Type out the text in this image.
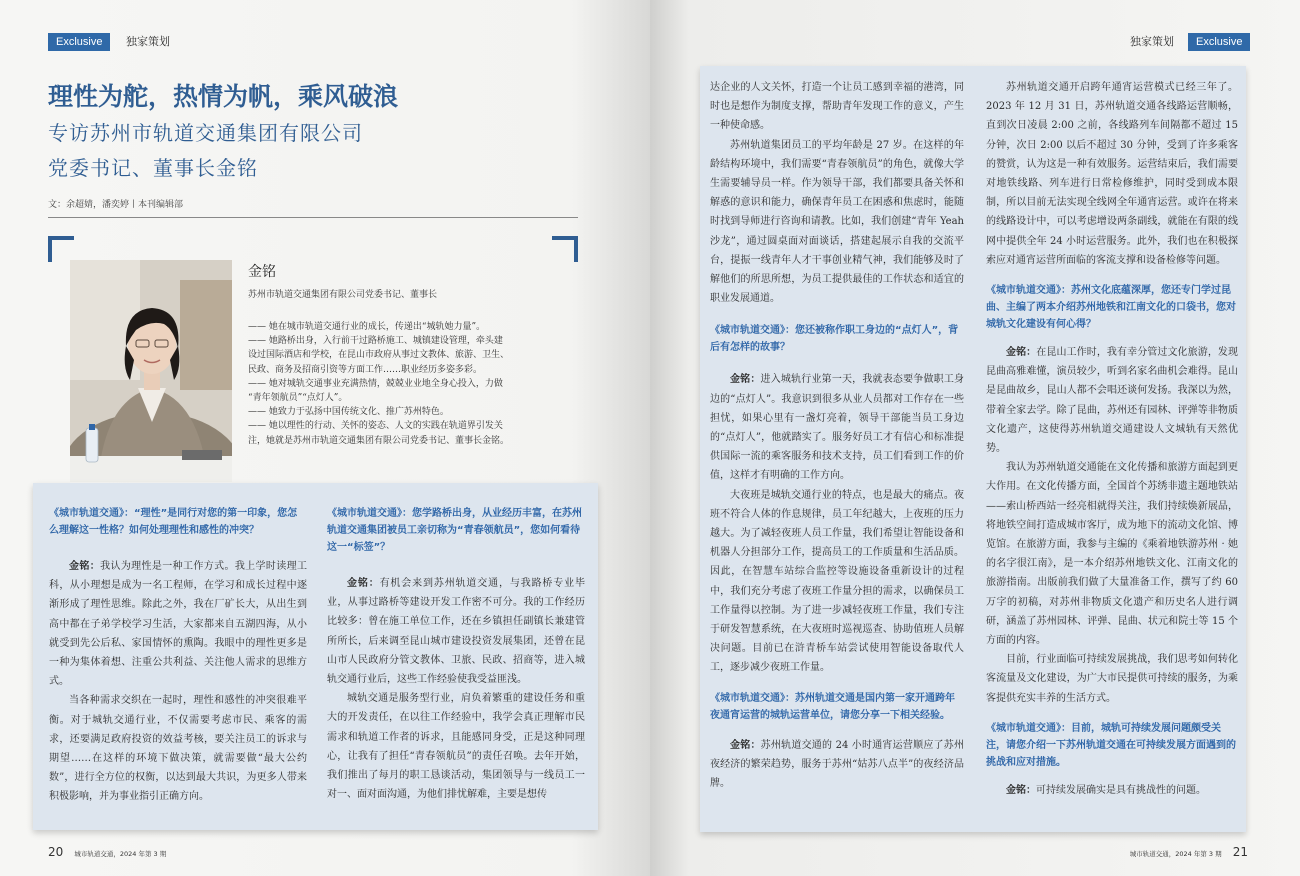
Exclusive	独家策划
理性为舵，热情为帆，乘风破浪
专访苏州市轨道交通集团有限公司
党委书记、董事长金铭
文：余超婧，潘奕婷丨本刊编辑部
金铭
苏州市轨道交通集团有限公司党委书记、董事长
—— 她在城市轨道交通行业的成长，传递出“城轨她力量”。
—— 她路桥出身，入行前干过路桥施工、城镇建设管理，牵头建
设过国际酒店和学校，在昆山市政府从事过文教体、旅游、卫生、
民政、商务及招商引资等方面工作……职业经历多姿多彩。
—— 她对城轨交通事业充满热情，兢兢业业地全身心投入，力做
“青年领航员”“点灯人”。
—— 她致力于弘扬中国传统文化、推广苏州特色。
—— 她以理性的行动、关怀的姿态、人文的实践在轨道界引发关
注，她就是苏州市轨道交通集团有限公司党委书记、董事长金铭。
《城市轨道交通》：“理性”是同行对您的第一印象，您怎么理解这一性格？如何处理理性和感性的冲突？
金铭：我认为理性是一种工作方式。我上学时读理工科，从小理想是成为一名工程师，在学习和成长过程中逐渐形成了理性思维。除此之外，我在厂矿长大，从出生到高中都在子弟学校学习生活，大家都来自五湖四海，从小就受到先公后私、家国情怀的熏陶。我眼中的理性更多是一种为集体着想、注重公共利益、关注他人需求的思维方式。
当各种需求交织在一起时，理性和感性的冲突很难平衡。对于城轨交通行业，不仅需要考虑市民、乘客的需求，还要满足政府投资的效益考核，要关注员工的诉求与期望……在这样的环境下做决策，就需要做“最大公约数”，进行全方位的权衡，以达到最大共识，为更多人带来积极影响，并为事业指引正确方向。
《城市轨道交通》：您学路桥出身，从业经历丰富，在苏州轨道交通集团被员工亲切称为“青春领航员”，您如何看待这一“标签”？
金铭：有机会来到苏州轨道交通，与我路桥专业毕业，从事过路桥等建设开发工作密不可分。我的工作经历比较多：曾在施工单位工作，还在乡镇担任副镇长兼建管所所长，后来调至昆山城市建设投资发展集团，还曾在昆山市人民政府分管文教体、卫旅、民政、招商等，进入城轨交通行业后，这些工作经验使我受益匪浅。
城轨交通是服务型行业，肩负着繁重的建设任务和重大的开发责任，在以往工作经验中，我学会真正理解市民需求和轨道工作者的诉求，且能感同身受，正是这种同理心，让我有了担任“青春领航员”的责任召唤。去年开始，我们推出了每月的职工恳谈活动，集团领导与一线员工一对一、面对面沟通，为他们排忧解难，主要是想传
20 城市轨道交通，2024 年第 3 期
独家策划	Exclusive
达企业的人文关怀，打造一个让员工感到幸福的港湾，同时也是想作为制度支撑，帮助青年发现工作的意义，产生一种使命感。
苏州轨道集团员工的平均年龄是 27 岁。在这样的年龄结构环境中，我们需要“青春领航员”的角色，就像大学生需要辅导员一样。作为领导干部，我们都要具备关怀和解惑的意识和能力，确保青年员工在困惑和焦虑时，能随时找到导师进行咨询和请教。比如，我们创建“青年 Yeah 沙龙”，通过圆桌面对面谈话，搭建起展示自我的交流平台，提振一线青年人才干事创业精气神，我们能够及时了解他们的所思所想，为员工提供最佳的工作状态和适宜的职业发展通道。
《城市轨道交通》：您还被称作职工身边的“点灯人”，背后有怎样的故事？
金铭：进入城轨行业第一天，我就表态要争做职工身边的“点灯人”。我意识到很多从业人员都对工作存在一些担忧，如果心里有一盏灯亮着，领导干部能当员工身边的“点灯人”，他就踏实了。服务好员工才有信心和标准提供国际一流的乘客服务和技术支持，员工们看到工作的价值，这样才有明确的工作方向。
大夜班是城轨交通行业的特点，也是最大的痛点。夜班不符合人体的作息规律，员工年纪越大，上夜班的压力越大。为了减轻夜班人员工作量，我们希望让智能设备和机器人分担部分工作，提高员工的工作质量和生活品质。因此，在智慧车站综合监控等设施设备重新设计的过程中，我们充分考虑了夜班工作量分担的需求，以确保员工工作量得以控制。为了进一步减轻夜班工作量，我们专注于研发智慧系统，在大夜班时巡视巡查、协助值班人员解决问题。目前已在浒青桥车站尝试使用智能设备取代人工，逐步减少夜班工作量。
《城市轨道交通》：苏州轨道交通是国内第一家开通跨年夜通宵运营的城轨运营单位，请您分享一下相关经验。
金铭：苏州轨道交通的 24 小时通宵运营顺应了苏州夜经济的繁荣趋势，服务于苏州“姑苏八点半”的夜经济品牌。
苏州轨道交通开启跨年通宵运营模式已经三年了。2023 年 12 月 31 日，苏州轨道交通各线路运营顺畅，直到次日凌晨 2:00 之前，各线路列车间隔都不超过 15 分钟，次日 2:00 以后不超过 30 分钟，受到了许多乘客的赞赏，认为这是一种有效服务。运营结束后，我们需要对地铁线路、列车进行日常检修维护，同时受到成本限制，所以目前无法实现全线网全年通宵运营。或许在将来的线路设计中，可以考虑增设两条副线，就能在有限的线网中提供全年 24 小时运营服务。此外，我们也在积极探索应对通宵运营所面临的客流支撑和设备检修等问题。
《城市轨道交通》：苏州文化底蕴深厚，您还专门学过昆曲、主编了两本介绍苏州地铁和江南文化的口袋书，您对城轨文化建设有何心得？
金铭：在昆山工作时，我有幸分管过文化旅游，发现昆曲高雅难懂，演员较少，听到名家名曲机会难得。昆山是昆曲故乡，昆山人都不会唱还谈何发扬。我深以为然，带着全家去学。除了昆曲，苏州还有园林、评弹等非物质文化遗产，这使得苏州轨道交通建设人文城轨有天然优势。
我认为苏州轨道交通能在文化传播和旅游方面起到更大作用。在文化传播方面，全国首个苏绣非遗主题地铁站——索山桥西站一经亮相就得关注，我们持续焕新展品，将地铁空间打造成城市客厅，成为地下的流动文化馆、博览馆。在旅游方面，我参与主编的《乘着地铁游苏州 · 她的名字很江南》，是一本介绍苏州地铁文化、江南文化的旅游指南。出版前我们做了大量准备工作，撰写了约 60 万字的初稿，对苏州非物质文化遗产和历史名人进行调研，涵盖了苏州园林、评弹、昆曲、状元和院士等 15 个方面的内容。
目前，行业面临可持续发展挑战，我们思考如何转化客流量及文化建设，为广大市民提供可持续的服务，为乘客提供充实丰养的生活方式。
《城市轨道交通》：目前，城轨可持续发展问题颇受关注，请您介绍一下苏州轨道交通在可持续发展方面遇到的挑战和应对措施。
金铭：可持续发展确实是具有挑战性的问题。
城市轨道交通，2024 年第 3 期 21
